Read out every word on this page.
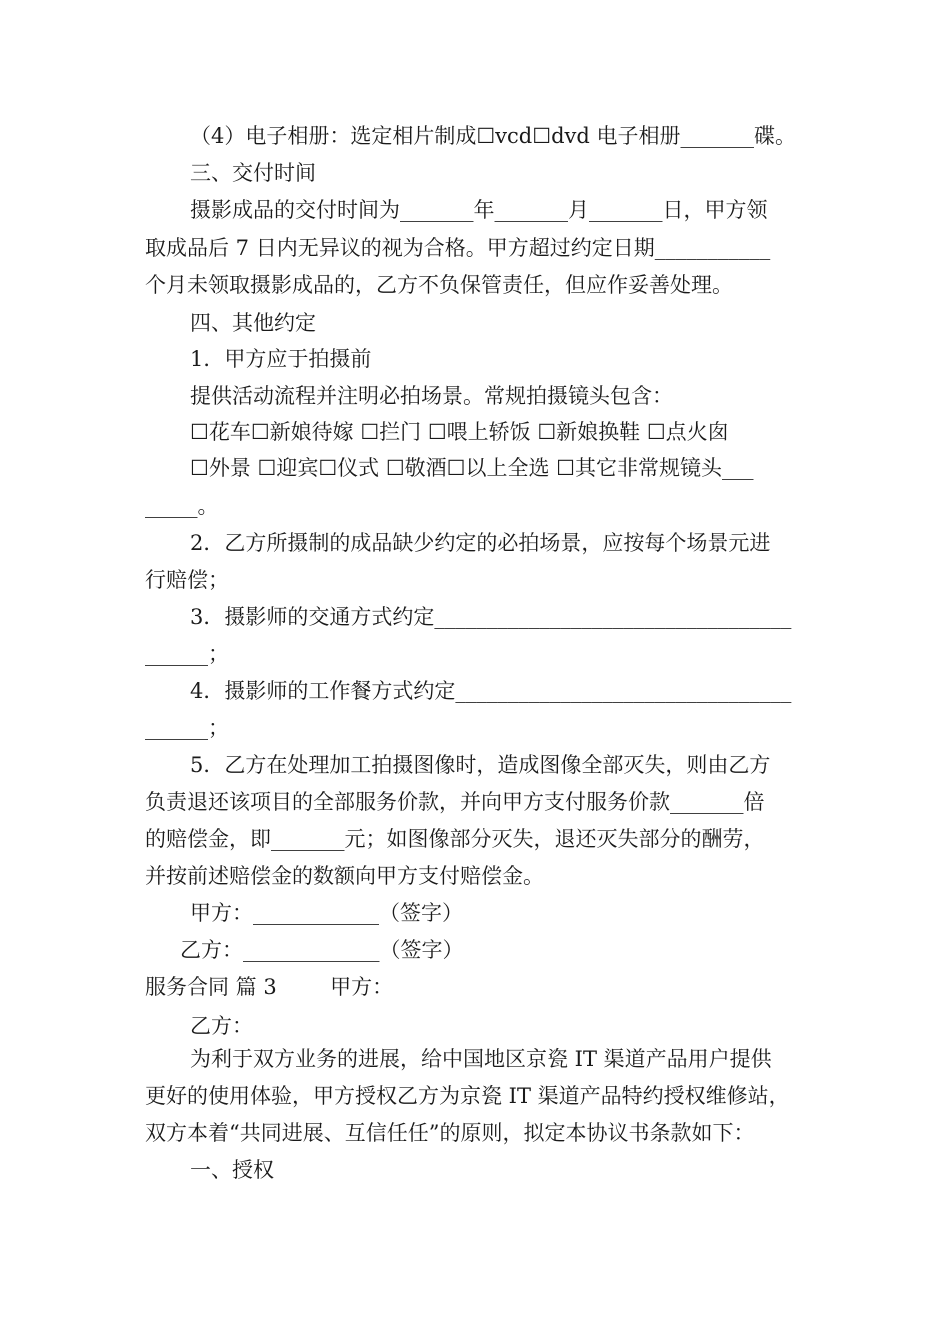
（4）电子相册：选定相片制成☐vcd☐dvd 电子相册_______碟。
三、交付时间
摄影成品的交付时间为_______年_______月_______日，甲方领
取成品后 7 日内无异议的视为合格。甲方超过约定日期___________
个月未领取摄影成品的，乙方不负保管责任，但应作妥善处理。
四、其他约定
1．甲方应于拍摄前
提供活动流程并注明必拍场景。常规拍摄镜头包含：
☐花车☐新娘待嫁 ☐拦门 ☐喂上轿饭 ☐新娘换鞋 ☐点火囱
☐外景 ☐迎宾☐仪式 ☐敬酒☐以上全选 ☐其它非常规镜头___
_____。
2．乙方所摄制的成品缺少约定的必拍场景，应按每个场景元进
行赔偿；
3．摄影师的交通方式约定__________________________________
______；
4．摄影师的工作餐方式约定________________________________
______；
5．乙方在处理加工拍摄图像时，造成图像全部灭失，则由乙方
负责退还该项目的全部服务价款，并向甲方支付服务价款_______倍
的赔偿金，即_______元；如图像部分灭失，退还灭失部分的酬劳，
并按前述赔偿金的数额向甲方支付赔偿金。
甲方：____________（签字）
乙方：_____________（签字）
服务合同 篇 3        甲方：
乙方：
为利于双方业务的进展，给中国地区京瓷 IT 渠道产品用户提供
更好的使用体验，甲方授权乙方为京瓷 IT 渠道产品特约授权维修站，
双方本着“共同进展、互信任任”的原则，拟定本协议书条款如下：
一、授权
